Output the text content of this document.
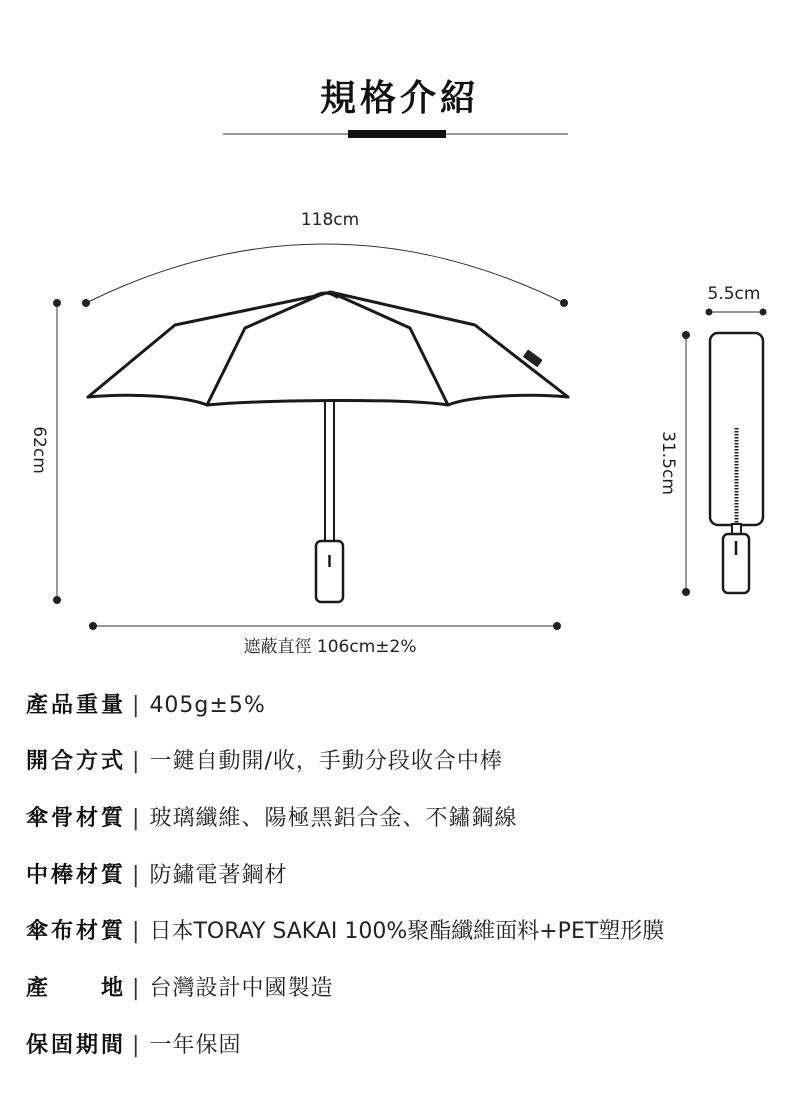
規格介紹
118cm
62cm
遮蔽直徑 106cm±2%
5.5cm
31.5cm
產品重量 | 405g±5%
開合方式 | 一鍵自動開/收，手動分段收合中棒
傘骨材質 | 玻璃纖維、陽極黑鋁合金、不鏽鋼線
中棒材質 | 防鏽電著鋼材
傘布材質 | 日本TORAY SAKAI 100%聚酯纖維面料+PET塑形膜
產　　地 | 台灣設計中國製造
保固期間 | 一年保固
